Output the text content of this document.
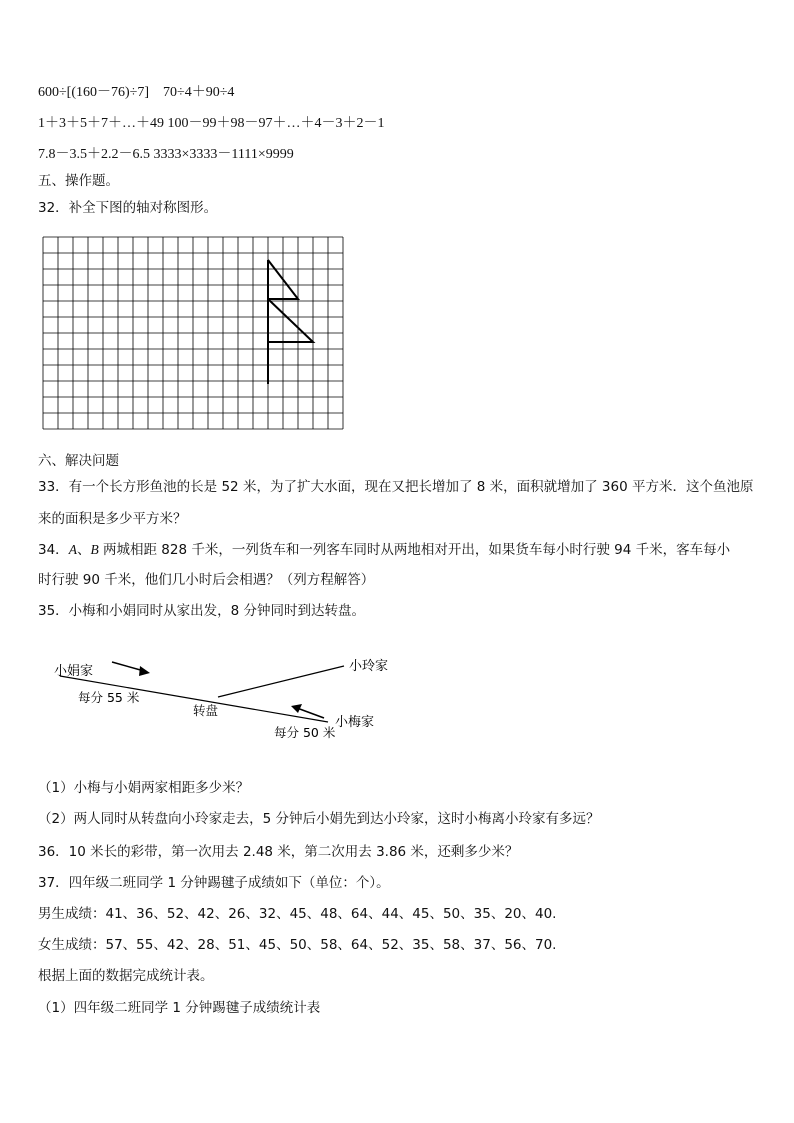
600÷[(160－76)÷7]　70÷4＋90÷4
1＋3＋5＋7＋…＋49 100－99＋98－97＋…＋4－3＋2－1
7.8－3.5＋2.2－6.5 3333×3333－1111×9999
五、操作题。
32．补全下图的轴对称图形。
六、解决问题
33．有一个长方形鱼池的长是 52 米，为了扩大水面，现在又把长增加了 8 米，面积就增加了 360 平方米．这个鱼池原
来的面积是多少平方米？
34．A、B 两城相距 828 千米，一列货车和一列客车同时从两地相对开出，如果货车每小时行驶 94 千米，客车每小
时行驶 90 千米，他们几小时后会相遇？（列方程解答）
35．小梅和小娟同时从家出发，8 分钟同时到达转盘。
小娟家	小玲家
小梅家
转盘
每分 55 米
每分 50 米
（1）小梅与小娟两家相距多少米？
（2）两人同时从转盘向小玲家走去，5 分钟后小娟先到达小玲家，这时小梅离小玲家有多远？
36．10 米长的彩带，第一次用去 2.48 米，第二次用去 3.86 米，还剩多少米？
37．四年级二班同学 1 分钟踢毽子成绩如下（单位：个）。
男生成绩：41、36、52、42、26、32、45、48、64、44、45、50、35、20、40.
女生成绩：57、55、42、28、51、45、50、58、64、52、35、58、37、56、70.
根据上面的数据完成统计表。
（1）四年级二班同学 1 分钟踢毽子成绩统计表
